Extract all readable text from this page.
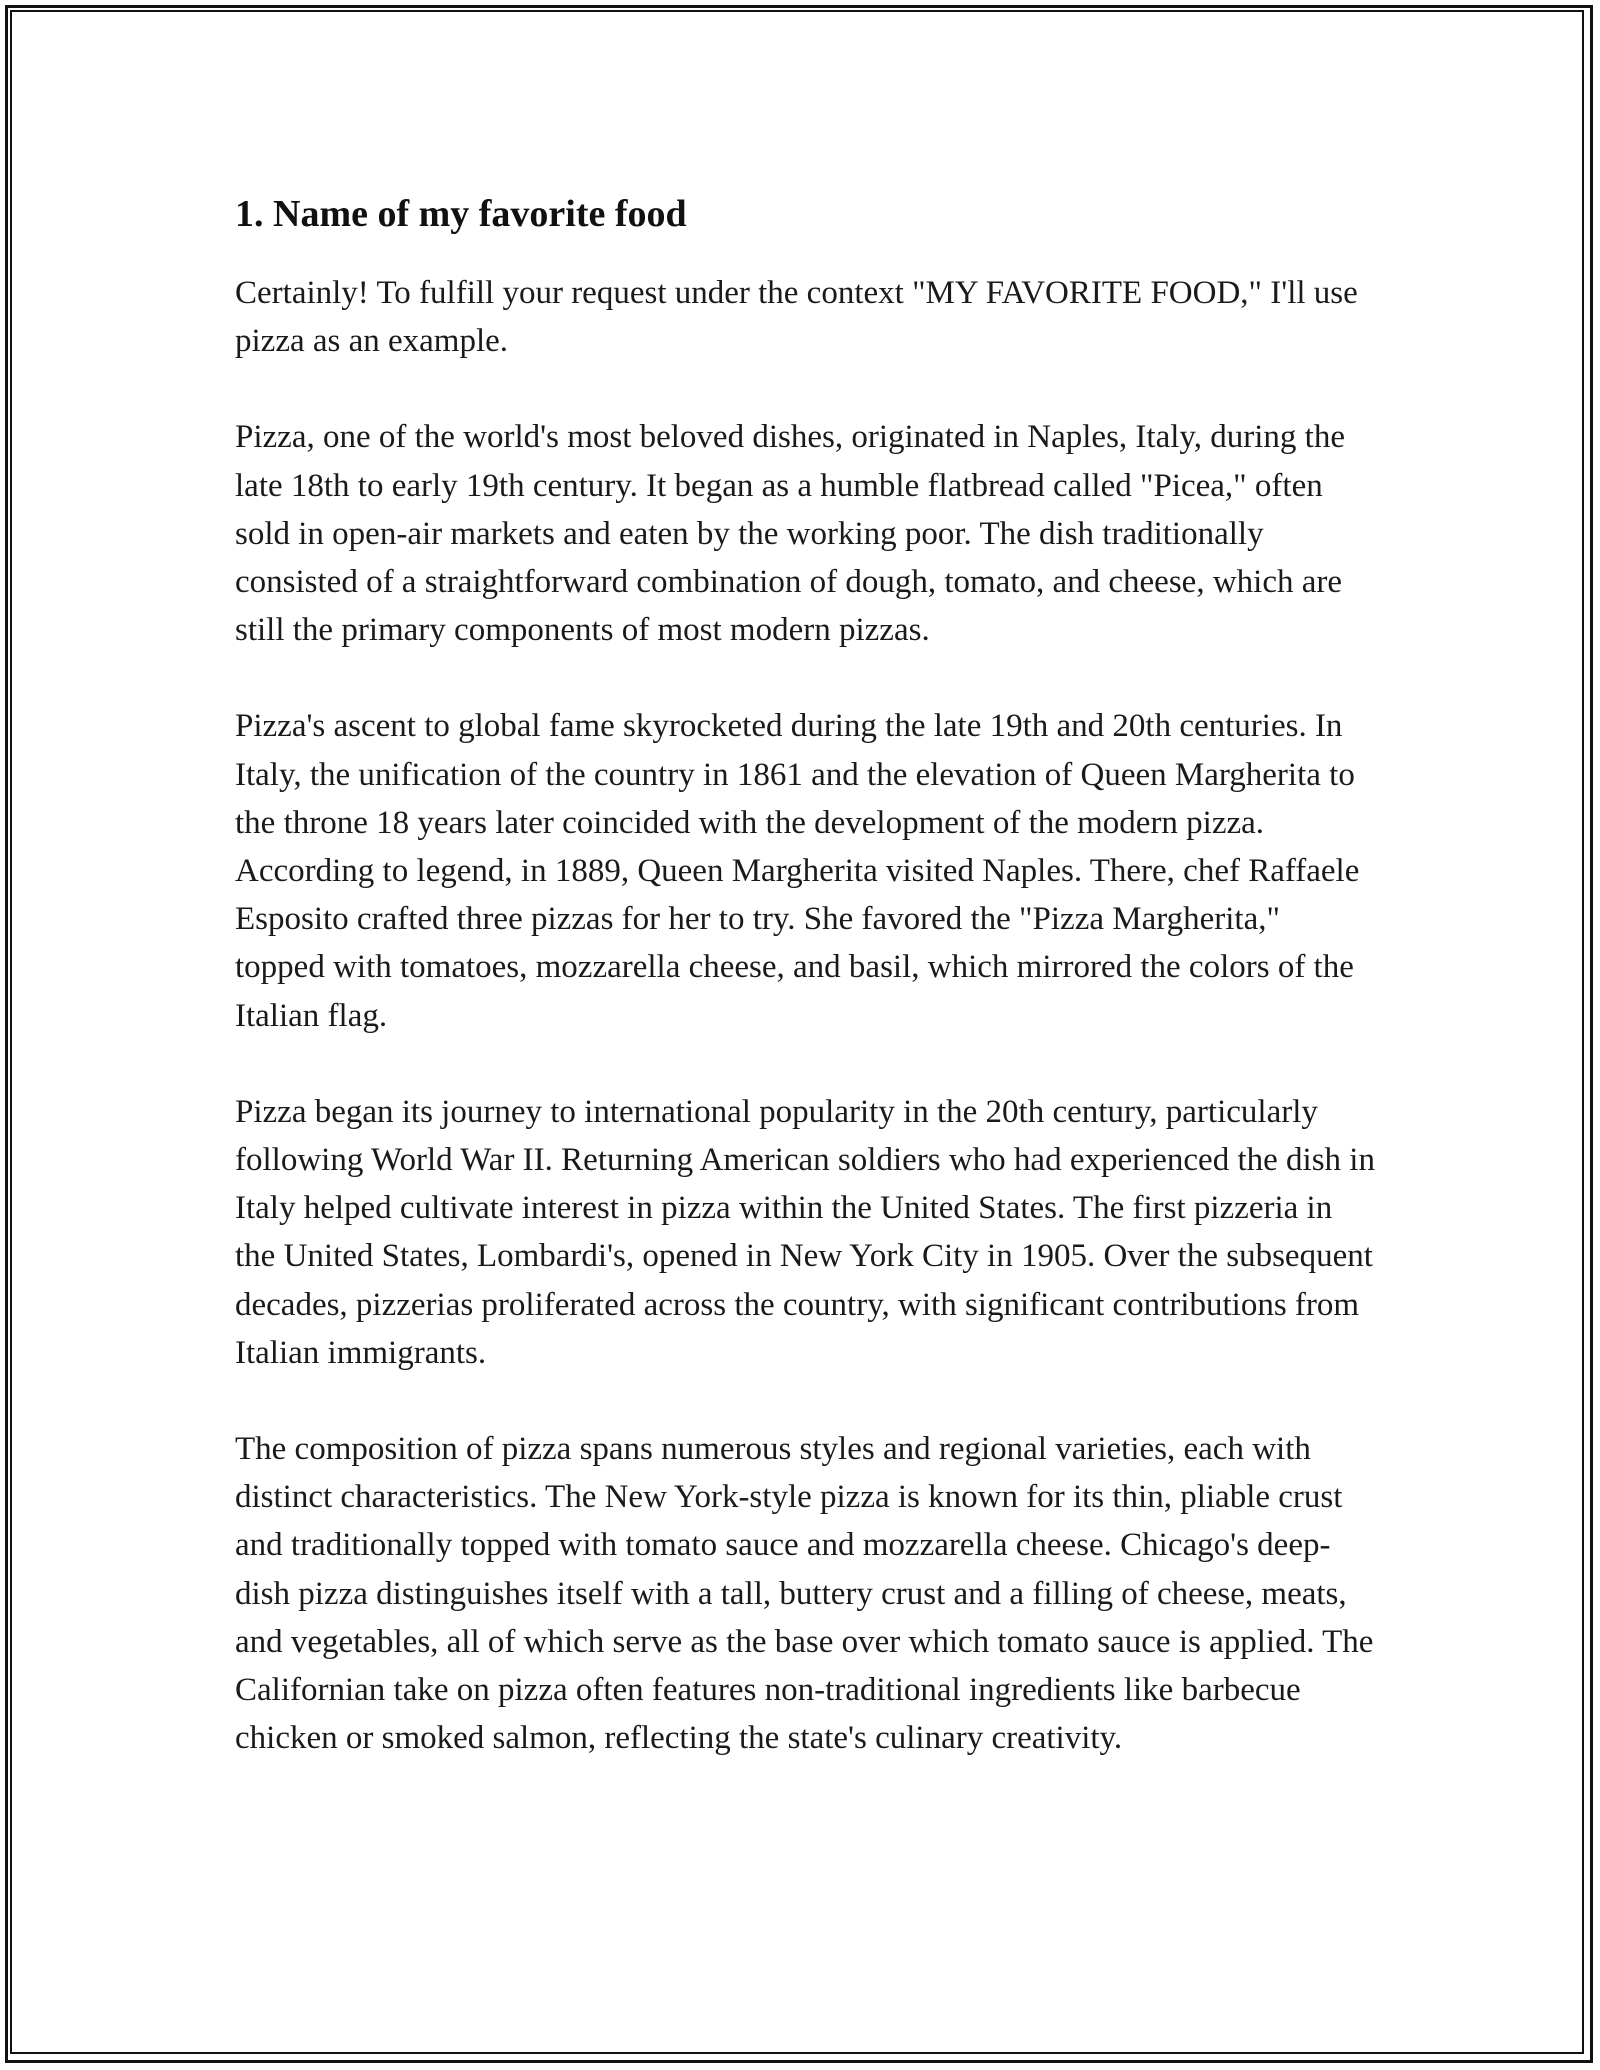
1. Name of my favorite food

Certainly! To fulfill your request under the context "MY FAVORITE FOOD," I'll use pizza as an example.

Pizza, one of the world's most beloved dishes, originated in Naples, Italy, during the late 18th to early 19th century. It began as a humble flatbread called "Picea," often sold in open-air markets and eaten by the working poor. The dish traditionally consisted of a straightforward combination of dough, tomato, and cheese, which are still the primary components of most modern pizzas.

Pizza's ascent to global fame skyrocketed during the late 19th and 20th centuries. In Italy, the unification of the country in 1861 and the elevation of Queen Margherita to the throne 18 years later coincided with the development of the modern pizza. According to legend, in 1889, Queen Margherita visited Naples. There, chef Raffaele Esposito crafted three pizzas for her to try. She favored the "Pizza Margherita," topped with tomatoes, mozzarella cheese, and basil, which mirrored the colors of the Italian flag.

Pizza began its journey to international popularity in the 20th century, particularly following World War II. Returning American soldiers who had experienced the dish in Italy helped cultivate interest in pizza within the United States. The first pizzeria in the United States, Lombardi's, opened in New York City in 1905. Over the subsequent decades, pizzerias proliferated across the country, with significant contributions from Italian immigrants.

The composition of pizza spans numerous styles and regional varieties, each with distinct characteristics. The New York-style pizza is known for its thin, pliable crust and traditionally topped with tomato sauce and mozzarella cheese. Chicago's deep-dish pizza distinguishes itself with a tall, buttery crust and a filling of cheese, meats, and vegetables, all of which serve as the base over which tomato sauce is applied. The Californian take on pizza often features non-traditional ingredients like barbecue chicken or smoked salmon, reflecting the state's culinary creativity.
